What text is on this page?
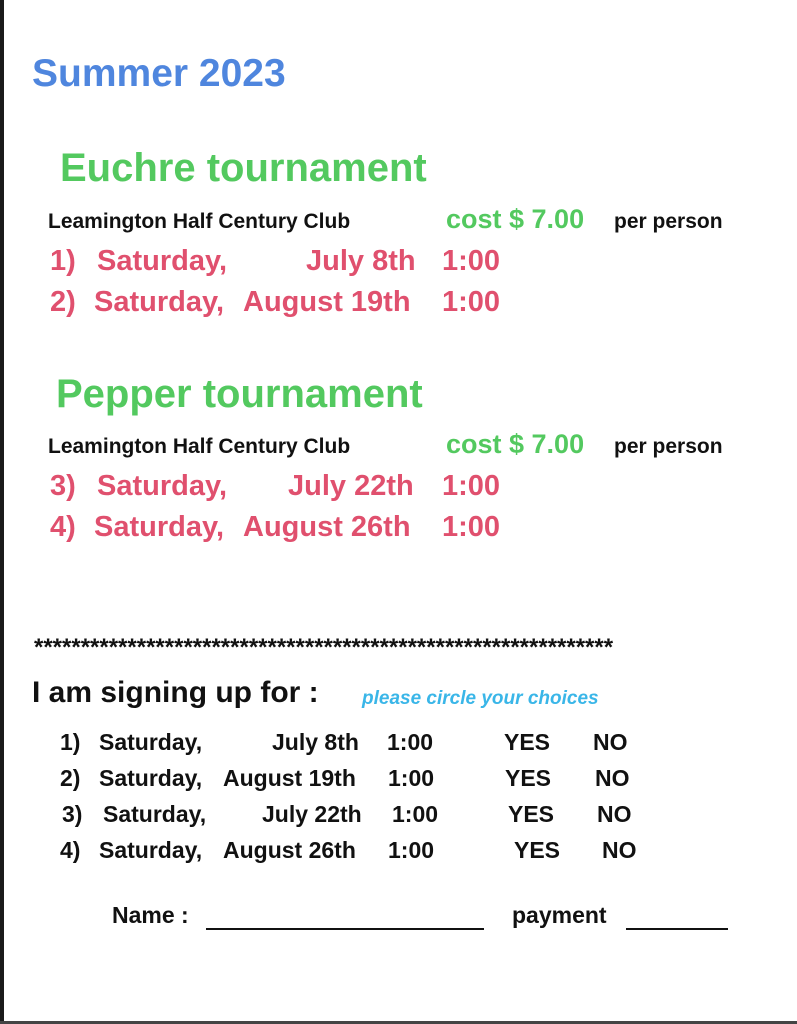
Summer 2023
Euchre tournament
Leamington Half Century Club	cost $ 7.00 per person
1) Saturday,	July 8th 1:00
2) Saturday, August 19th 1:00
Pepper tournament
Leamington Half Century Club	cost $ 7.00 per person
3) Saturday, July 22th 1:00
4) Saturday, August 26th 1:00
**************************************************************
I am signing up for : please circle your choices
1) Saturday,	July 8th 1:00	YES NO
2) Saturday, August 19th 1:00	YES NO
3) Saturday, July 22th 1:00	YES NO
4) Saturday, August 26th 1:00	YES NO
Name :	payment
